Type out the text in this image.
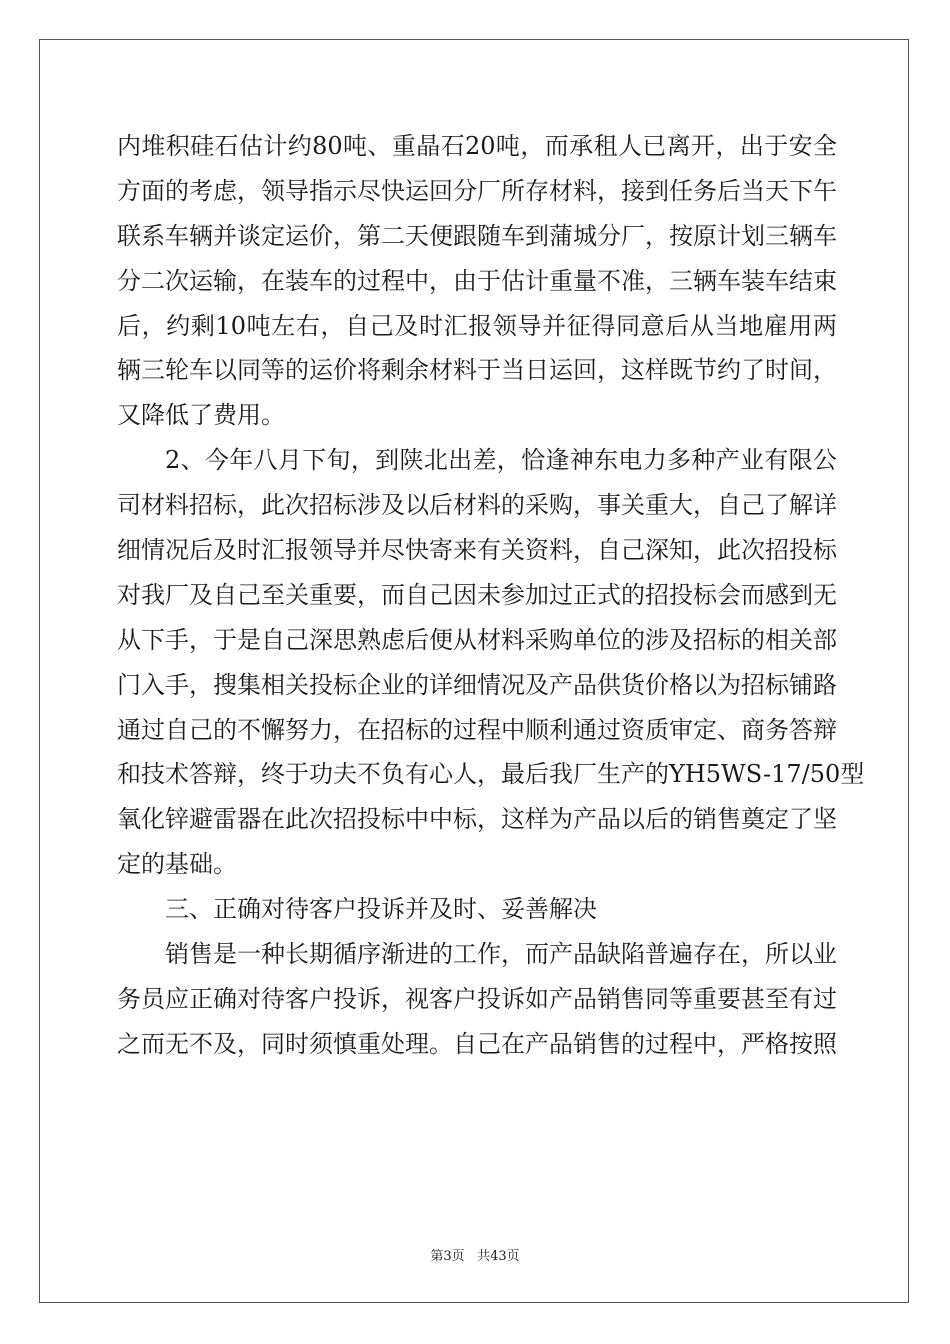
内堆积硅石估计约80吨、重晶石20吨，而承租人已离开，出于安全
方面的考虑，领导指示尽快运回分厂所存材料，接到任务后当天下午
联系车辆并谈定运价，第二天便跟随车到蒲城分厂，按原计划三辆车
分二次运输，在装车的过程中，由于估计重量不准，三辆车装车结束
后，约剩10吨左右，自己及时汇报领导并征得同意后从当地雇用两
辆三轮车以同等的运价将剩余材料于当日运回，这样既节约了时间，
又降低了费用。
2、今年八月下旬，到陕北出差，恰逢神东电力多种产业有限公
司材料招标，此次招标涉及以后材料的采购，事关重大，自己了解详
细情况后及时汇报领导并尽快寄来有关资料，自己深知，此次招投标
对我厂及自己至关重要，而自己因未参加过正式的招投标会而感到无
从下手，于是自己深思熟虑后便从材料采购单位的涉及招标的相关部
门入手，搜集相关投标企业的详细情况及产品供货价格以为招标铺路
通过自己的不懈努力，在招标的过程中顺利通过资质审定、商务答辩
和技术答辩，终于功夫不负有心人，最后我厂生产的YH5WS-17/50型
氧化锌避雷器在此次招投标中中标，这样为产品以后的销售奠定了坚
定的基础。
三、正确对待客户投诉并及时、妥善解决
销售是一种长期循序渐进的工作，而产品缺陷普遍存在，所以业
务员应正确对待客户投诉，视客户投诉如产品销售同等重要甚至有过
之而无不及，同时须慎重处理。自己在产品销售的过程中，严格按照
第3页 共43页
